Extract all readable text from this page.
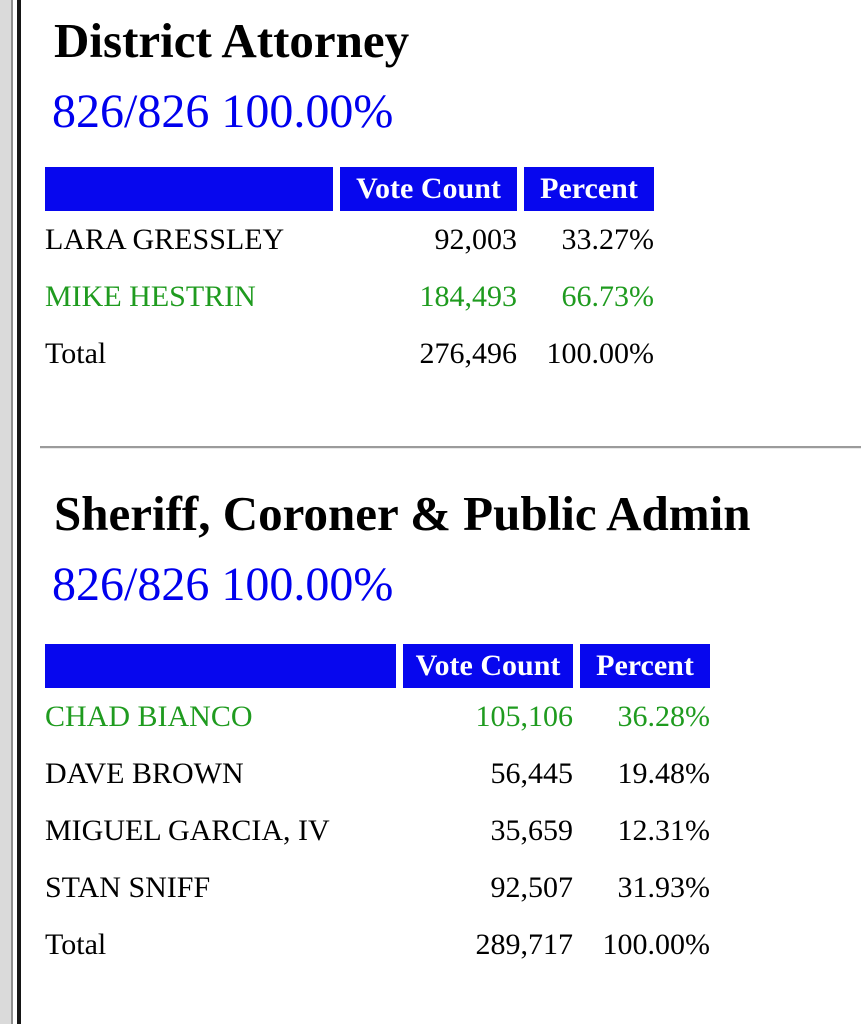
District Attorney
826/826 100.00%
	Vote Count	Percent
LARA GRESSLEY	92,003	33.27%
MIKE HESTRIN	184,493	66.73%
Total	276,496	100.00%
Sheriff, Coroner & Public Admin
826/826 100.00%
	Vote Count	Percent
CHAD BIANCO	105,106	36.28%
DAVE BROWN	56,445	19.48%
MIGUEL GARCIA, IV	35,659	12.31%
STAN SNIFF	92,507	31.93%
Total	289,717	100.00%
